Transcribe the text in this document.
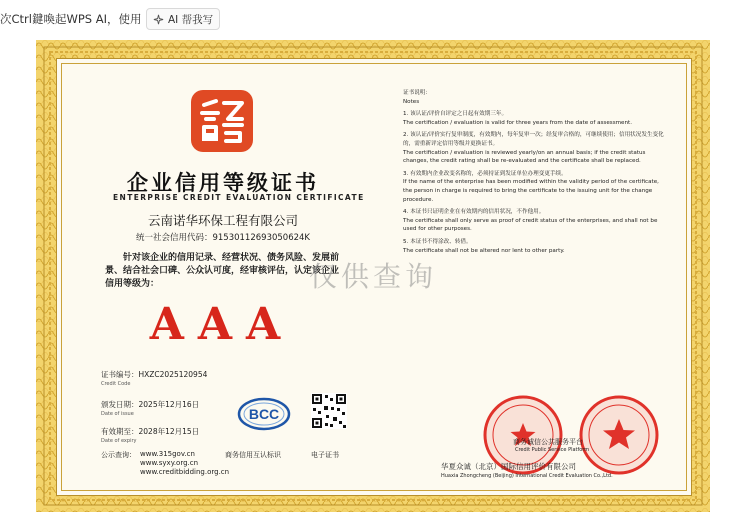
次Ctrl鍵喚起WPS AI，使用	AI 帮我写
企业信用等级证书
ENTERPRISE CREDIT EVALUATION CERTIFICATE
云南诺华环保工程有限公司
统一社会信用代码：91530112693050624K
针对该企业的信用记录、经营状况、债务风险、发展前景、结合社会口碑、公众认可度，经审核评估，认定该企业信用等级为：
AAA
证书编号：HXZC2025120954
Credit Code
颁发日期：2025年12月16日
Date of issue
有效期至：2028年12月15日
Date of expiry
公示查询： www.315gov.cn
www.syxy.org.cn
www.creditbidding.org.cn
BCC
商务信用互认标识	电子证书
证书说明：
Notes
1. 该认证/评价自评定之日起有效期三年。
The certification / evaluation is valid for three years from the date of assessment.
2. 该认证/评价实行复审制度，有效期内，每年复审一次；经复审合格的，可继续使用；信用状况发生变化的，需重新评定信用等级并更换证书。
The certification / evaluation is reviewed yearly/on an annual basis; if the credit status changes, the credit rating shall be re-evaluated and the certificate shall be replaced.
3. 有效期内企业改变名称的，必须持证到发证单位办理变更手续。
If the name of the enterprise has been modified within the validity period of the certificate, the person in charge is required to bring the certificate to the issuing unit for the change procedure.
4. 本证书只证明企业在有效期内的信用状况，不作他用。
The certificate shall only serve as proof of credit status of the enterprises, and shall not be used for other purposes.
5. 本证书不得涂改、转借。
The certificate shall not be altered nor lent to other party.
仅供查询
商务诚信公共服务平台
Credit Public Service Platform
华夏众诚（北京）国际信用评价有限公司
Huaxia Zhongcheng (Beijing) International Credit Evaluation Co.,Ltd.
